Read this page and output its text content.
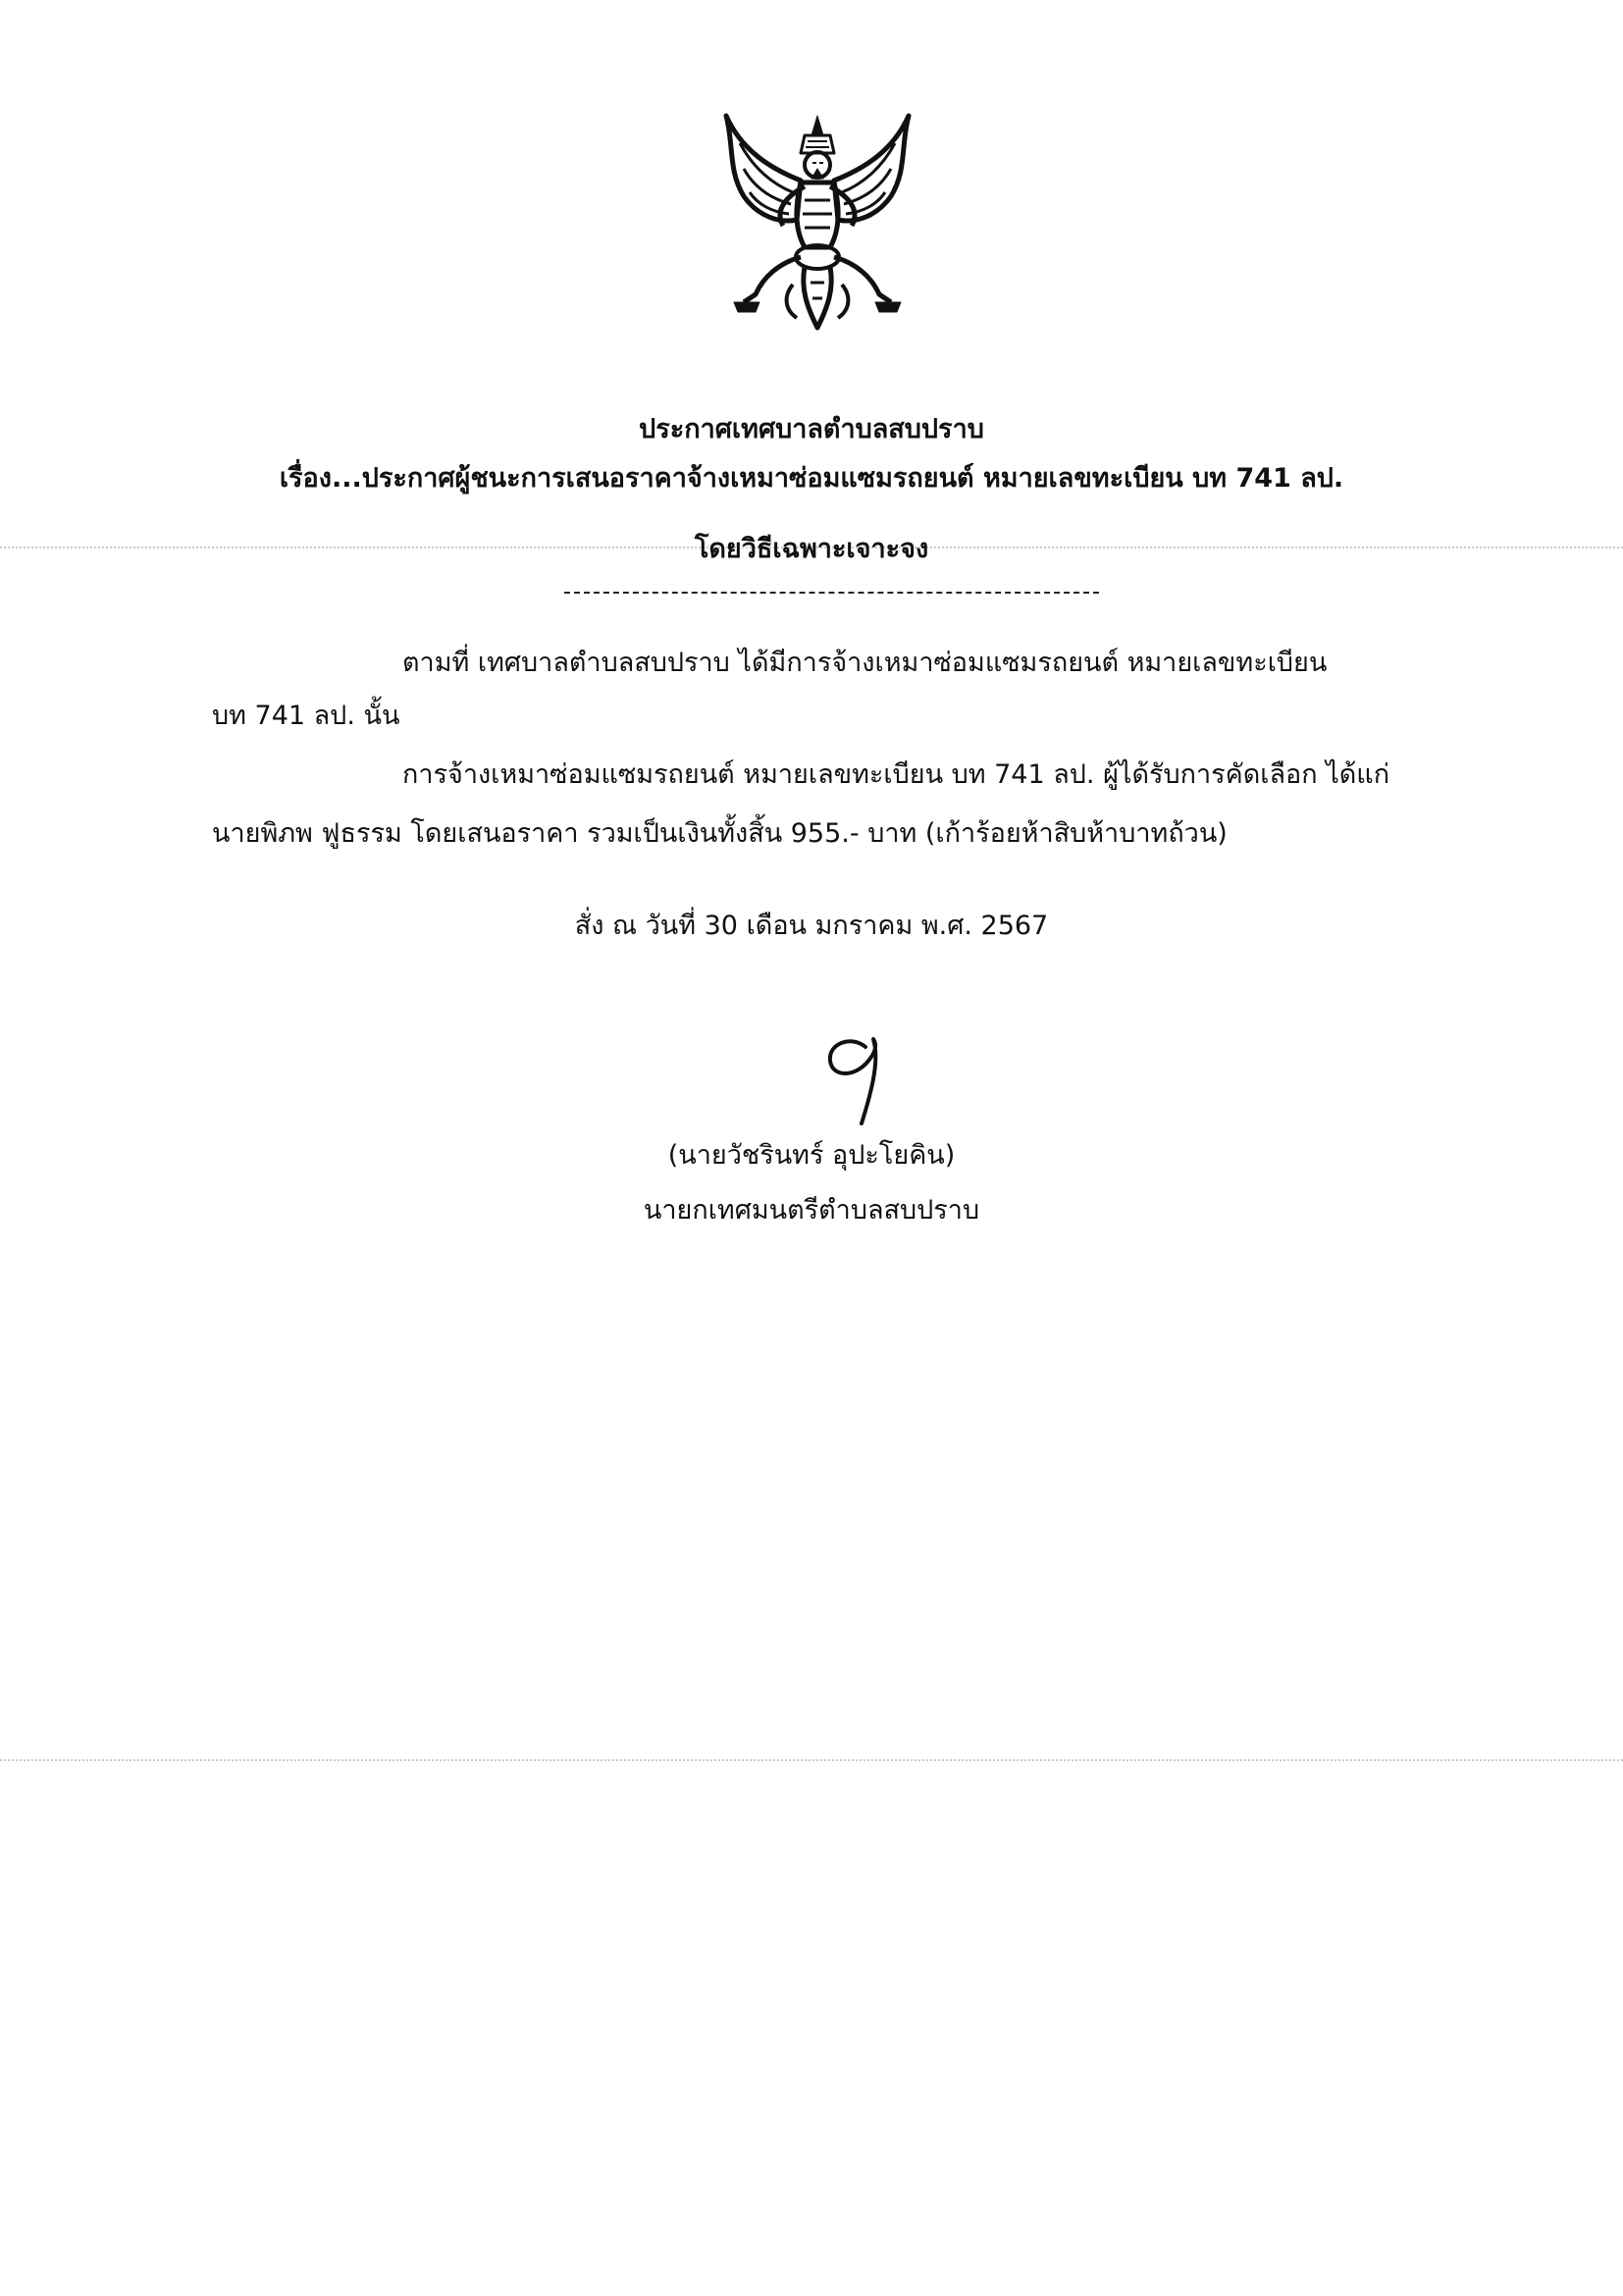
ประกาศเทศบาลตำบลสบปราบ
เรื่อง...ประกาศผู้ชนะการเสนอราคาจ้างเหมาซ่อมแซมรถยนต์ หมายเลขทะเบียน บท 741 ลป.
โดยวิธีเฉพาะเจาะจง
ตามที่ เทศบาลตำบลสบปราบ ได้มีการจ้างเหมาซ่อมแซมรถยนต์ หมายเลขทะเบียน
บท 741 ลป. นั้น
การจ้างเหมาซ่อมแซมรถยนต์ หมายเลขทะเบียน บท 741 ลป. ผู้ได้รับการคัดเลือก ได้แก่
นายพิภพ ฟูธรรม โดยเสนอราคา รวมเป็นเงินทั้งสิ้น 955.- บาท (เก้าร้อยห้าสิบห้าบาทถ้วน)
สั่ง ณ วันที่ 30 เดือน มกราคม พ.ศ. 2567
(นายวัชรินทร์ อุปะโยคิน)
นายกเทศมนตรีตำบลสบปราบ
